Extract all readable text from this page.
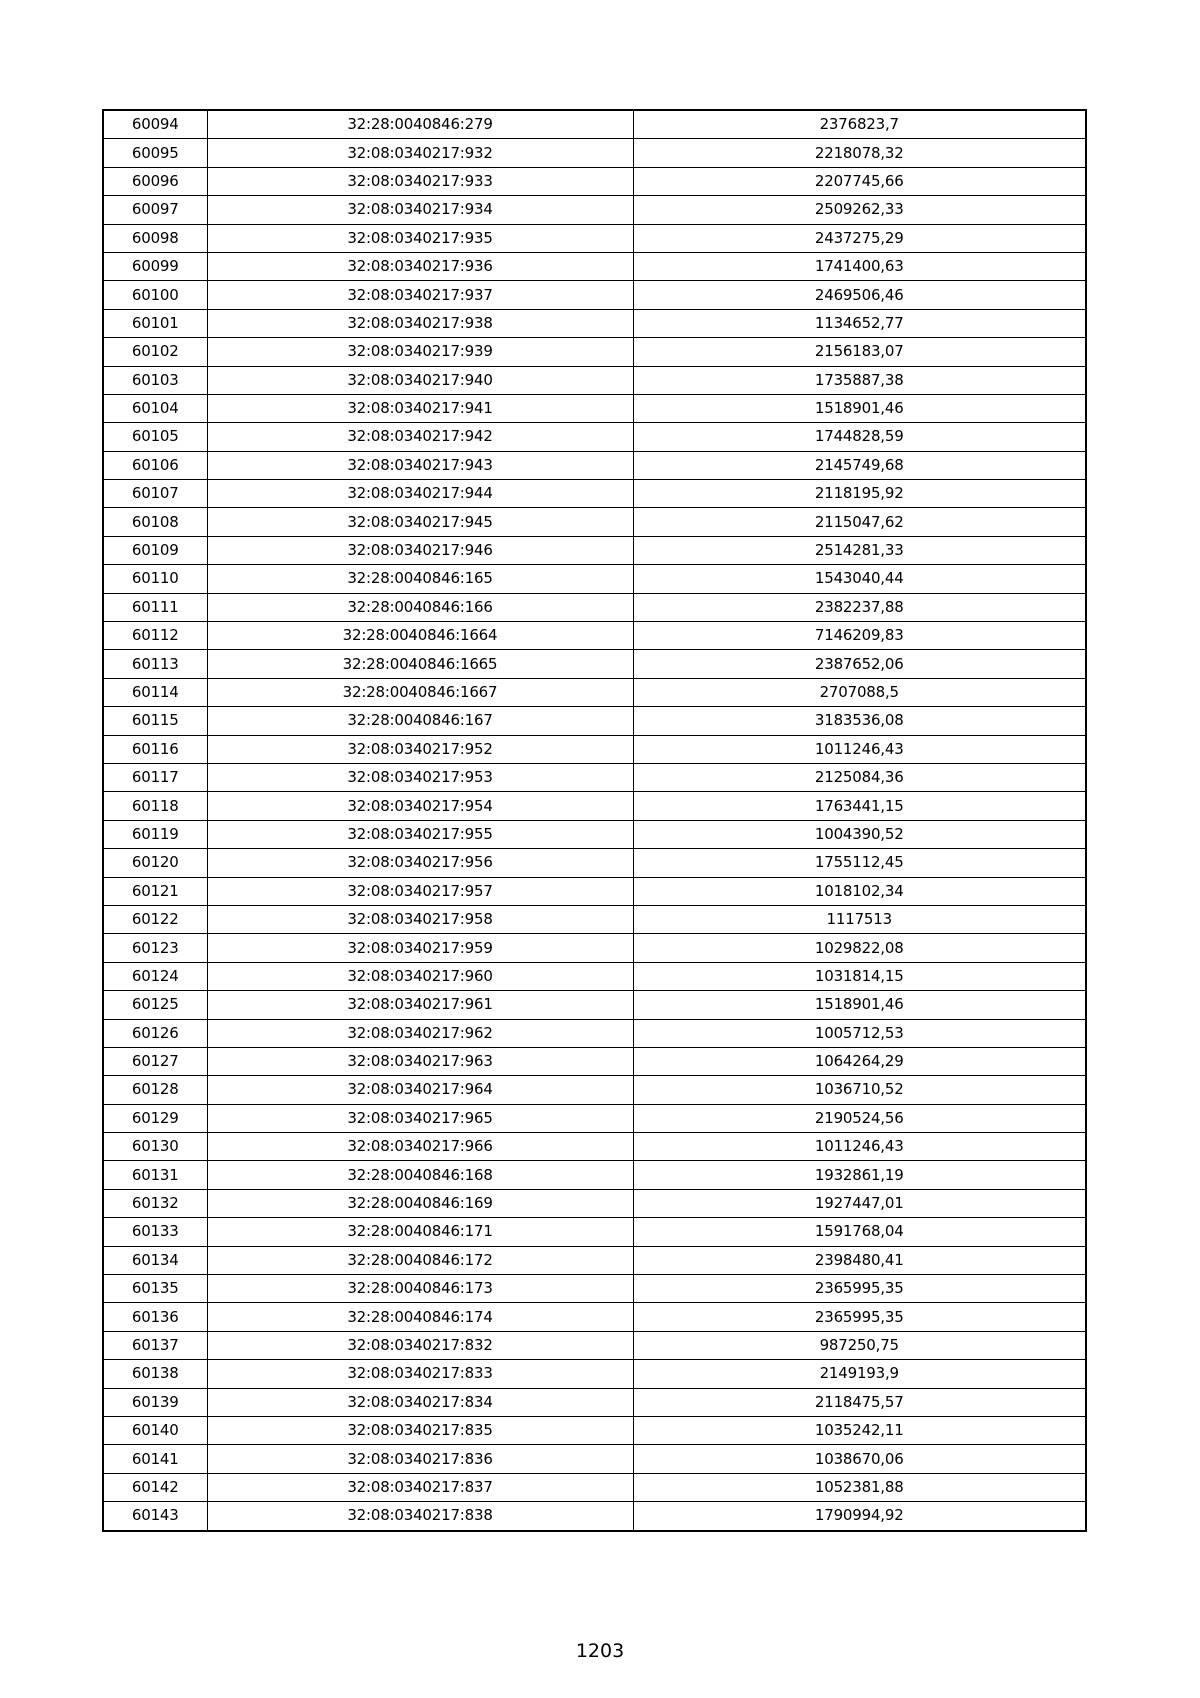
60094	32:28:0040846:279	2376823,7
60095	32:08:0340217:932	2218078,32
60096	32:08:0340217:933	2207745,66
60097	32:08:0340217:934	2509262,33
60098	32:08:0340217:935	2437275,29
60099	32:08:0340217:936	1741400,63
60100	32:08:0340217:937	2469506,46
60101	32:08:0340217:938	1134652,77
60102	32:08:0340217:939	2156183,07
60103	32:08:0340217:940	1735887,38
60104	32:08:0340217:941	1518901,46
60105	32:08:0340217:942	1744828,59
60106	32:08:0340217:943	2145749,68
60107	32:08:0340217:944	2118195,92
60108	32:08:0340217:945	2115047,62
60109	32:08:0340217:946	2514281,33
60110	32:28:0040846:165	1543040,44
60111	32:28:0040846:166	2382237,88
60112	32:28:0040846:1664	7146209,83
60113	32:28:0040846:1665	2387652,06
60114	32:28:0040846:1667	2707088,5
60115	32:28:0040846:167	3183536,08
60116	32:08:0340217:952	1011246,43
60117	32:08:0340217:953	2125084,36
60118	32:08:0340217:954	1763441,15
60119	32:08:0340217:955	1004390,52
60120	32:08:0340217:956	1755112,45
60121	32:08:0340217:957	1018102,34
60122	32:08:0340217:958	1117513
60123	32:08:0340217:959	1029822,08
60124	32:08:0340217:960	1031814,15
60125	32:08:0340217:961	1518901,46
60126	32:08:0340217:962	1005712,53
60127	32:08:0340217:963	1064264,29
60128	32:08:0340217:964	1036710,52
60129	32:08:0340217:965	2190524,56
60130	32:08:0340217:966	1011246,43
60131	32:28:0040846:168	1932861,19
60132	32:28:0040846:169	1927447,01
60133	32:28:0040846:171	1591768,04
60134	32:28:0040846:172	2398480,41
60135	32:28:0040846:173	2365995,35
60136	32:28:0040846:174	2365995,35
60137	32:08:0340217:832	987250,75
60138	32:08:0340217:833	2149193,9
60139	32:08:0340217:834	2118475,57
60140	32:08:0340217:835	1035242,11
60141	32:08:0340217:836	1038670,06
60142	32:08:0340217:837	1052381,88
60143	32:08:0340217:838	1790994,92
1203
